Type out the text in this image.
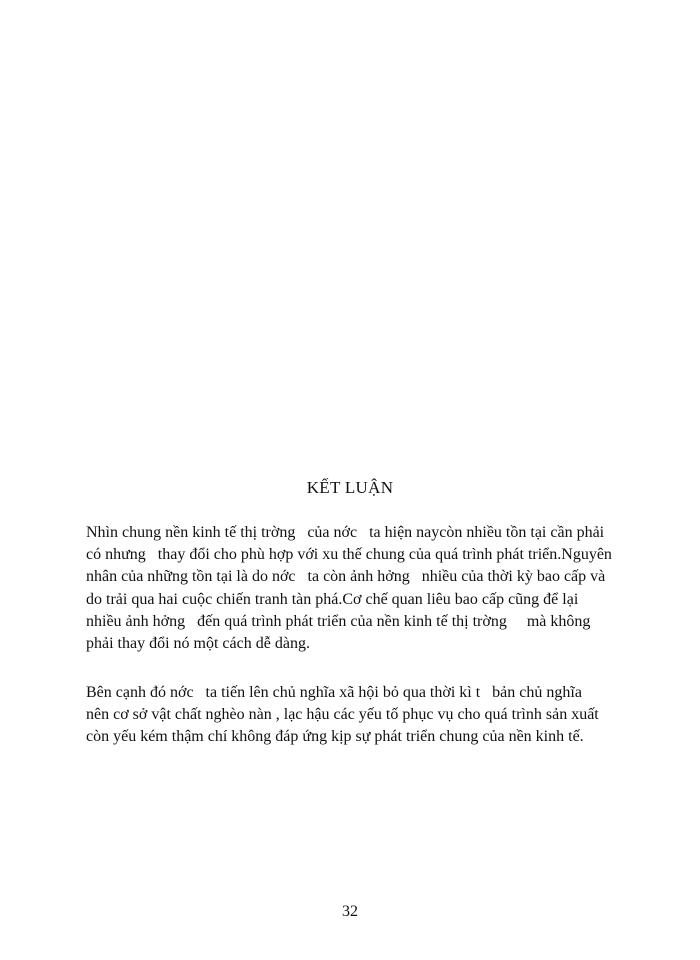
KẾT LUẬN

Nhìn chung nền kinh tế thị trờng   của nớc   ta hiện naycòn nhiều tồn tại cần phải
có nhưng   thay đổi cho phù hợp với xu thế chung của quá trình phát triển.Nguyên
nhân của những tồn tại là do nớc   ta còn ảnh hởng   nhiều của thời kỳ bao cấp và
do trải qua hai cuộc chiến tranh tàn phá.Cơ chế quan liêu bao cấp cũng để lại
nhiều ảnh hởng   đến quá trình phát triển của nền kinh tế thị trờng     mà không
phải thay đổi nó một cách dễ dàng.

Bên cạnh đó nớc   ta tiến lên chủ nghĩa xã hội bỏ qua thời kì t   bản chủ nghĩa
nên cơ sở vật chất nghèo nàn , lạc hậu các yếu tố phục vụ cho quá trình sản xuất
còn yếu kém thậm chí không đáp ứng kịp sự phát triển chung của nền kinh tế.

32
